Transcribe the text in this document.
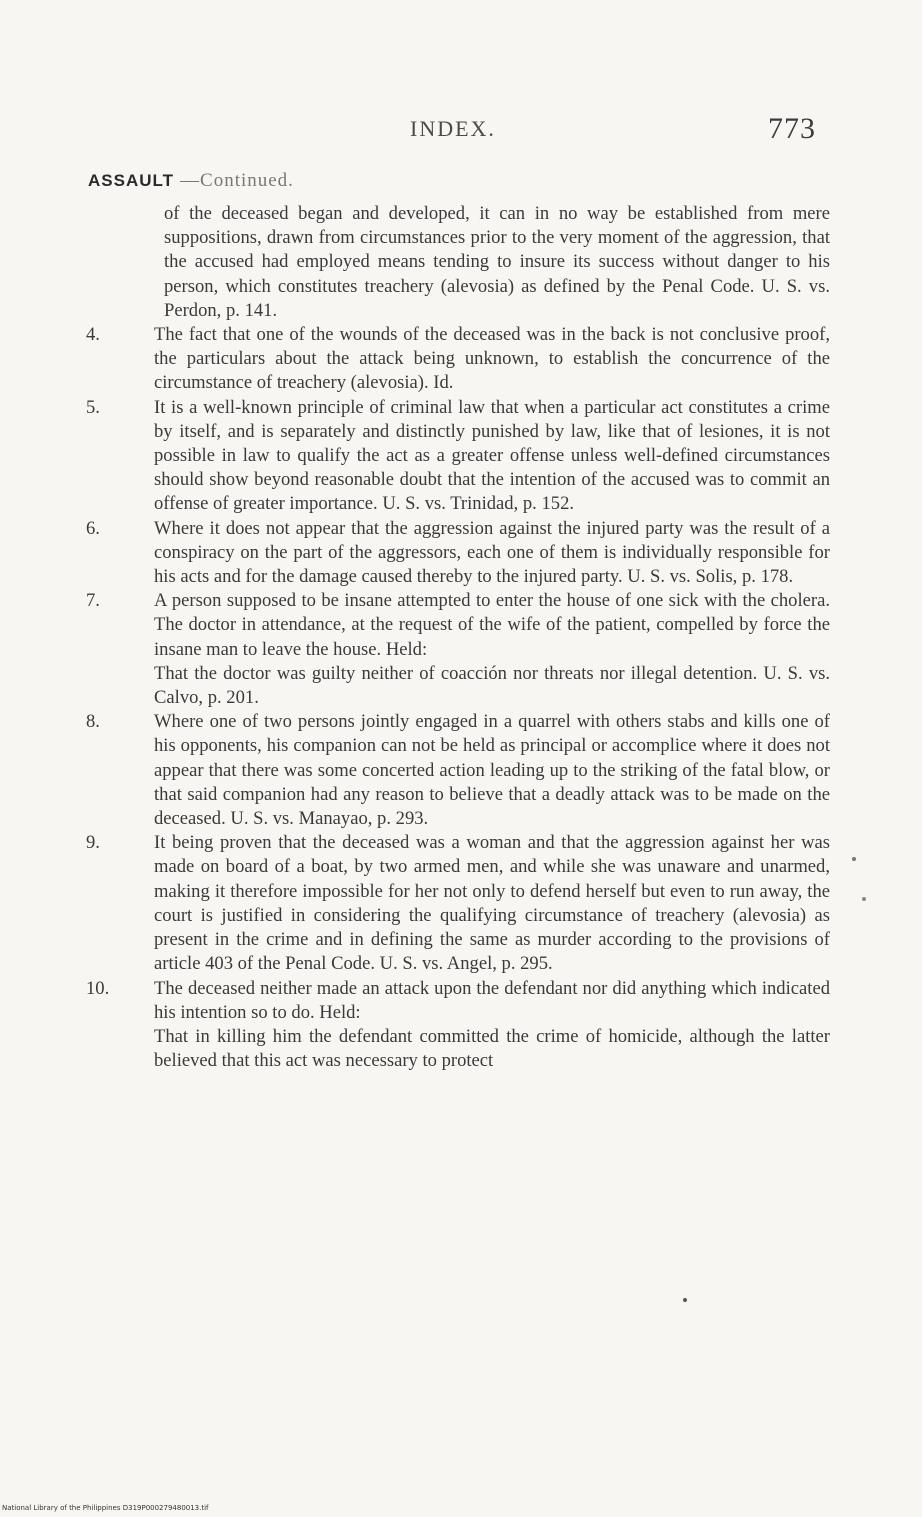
INDEX.	773
ASSAULT —Continued.

of the deceased began and developed, it can in no way be established from mere suppositions, drawn from circumstances prior to the very moment of the aggression, that the accused had employed means tending to insure its success without danger to his person, which constitutes treachery (alevosia) as defined by the Penal Code. U. S. vs. Perdon, p. 141.

4.	The fact that one of the wounds of the deceased was in the back is not conclusive proof, the particulars about the attack being unknown, to establish the concurrence of the circumstance of treachery (alevosia). Id.

5.	It is a well-known principle of criminal law that when a particular act constitutes a crime by itself, and is separately and distinctly punished by law, like that of lesiones, it is not possible in law to qualify the act as a greater offense unless well-defined circumstances should show beyond reasonable doubt that the intention of the accused was to commit an offense of greater importance. U. S. vs. Trinidad, p. 152.

6.	Where it does not appear that the aggression against the injured party was the result of a conspiracy on the part of the aggressors, each one of them is individually responsible for his acts and for the damage caused thereby to the injured party. U. S. vs. Solis, p. 178.

7.	A person supposed to be insane attempted to enter the house of one sick with the cholera. The doctor in attendance, at the request of the wife of the patient, compelled by force the insane man to leave the house. Held:

That the doctor was guilty neither of coacción nor threats nor illegal detention. U. S. vs. Calvo, p. 201.

8.	Where one of two persons jointly engaged in a quarrel with others stabs and kills one of his opponents, his companion can not be held as principal or accomplice where it does not appear that there was some concerted action leading up to the striking of the fatal blow, or that said companion had any reason to believe that a deadly attack was to be made on the deceased. U. S. vs. Manayao, p. 293.

9.	It being proven that the deceased was a woman and that the aggression against her was made on board of a boat, by two armed men, and while she was unaware and unarmed, making it therefore impossible for her not only to defend herself but even to run away, the court is justified in considering the qualifying circumstance of treachery (alevosia) as present in the crime and in defining the same as murder according to the provisions of article 403 of the Penal Code. U. S. vs. Angel, p. 295.

10. The deceased neither made an attack upon the defendant nor did anything which indicated his intention so to do. Held:

That in killing him the defendant committed the crime of homicide, although the latter believed that this act was necessary to protect

National Library of the Philippines D319P000279480013.tif
